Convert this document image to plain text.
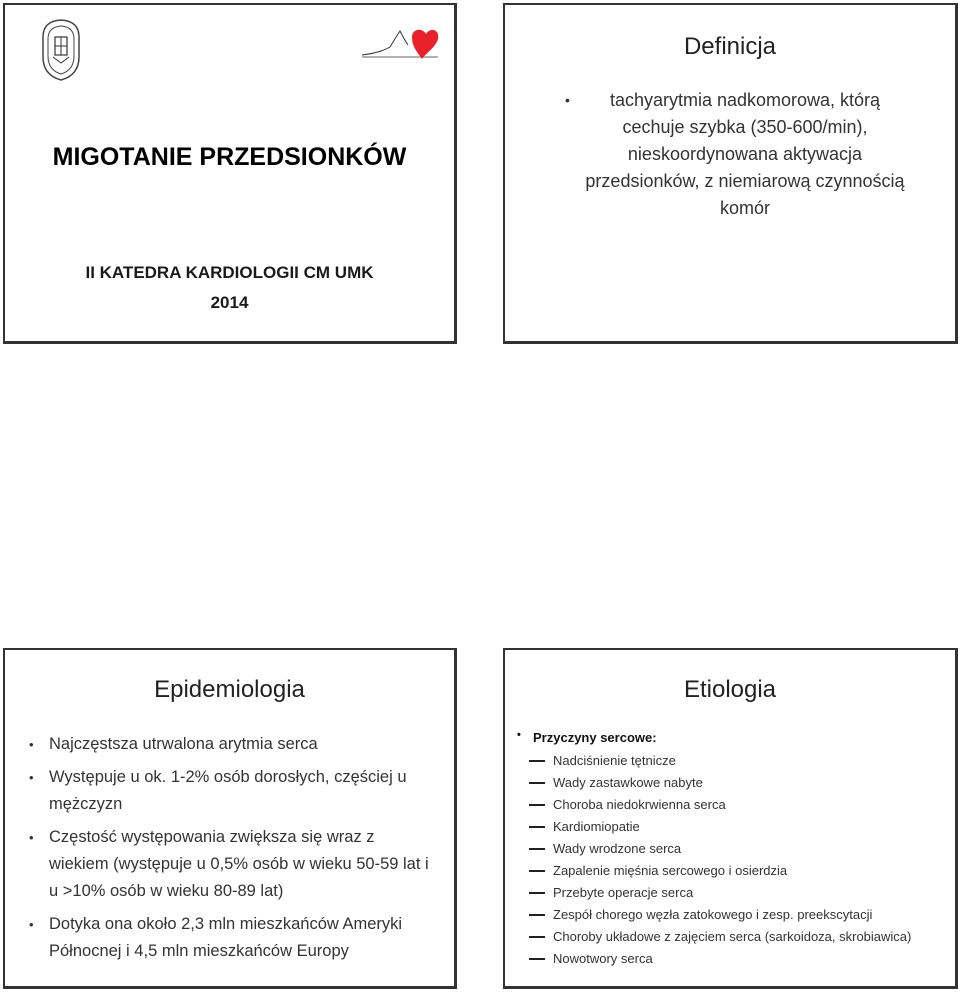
MIGOTANIE PRZEDSIONKÓW
II KATEDRA KARDIOLOGII CM UMK
2014
Definicja
• tachyarytmia nadkomorowa, którą
cechuje szybka (350-600/min),
nieskoordynowana aktywacja
przedsionków, z niemiarową czynnością
komór
Epidemiologia
• Najczęstsza utrwalona arytmia serca
• Występuje u ok. 1-2% osób dorosłych, częściej u mężczyzn
• Częstość występowania zwiększa się wraz z wiekiem (występuje u 0,5% osób w wieku 50-59 lat i u >10% osób w wieku 80-89 lat)
• Dotyka ona około 2,3 mln mieszkańców Ameryki Północnej i 4,5 mln mieszkańców Europy
Etiologia
• Przyczyny sercowe:
Nadciśnienie tętnicze
Wady zastawkowe nabyte
Choroba niedokrwienna serca
Kardiomiopatie
Wady wrodzone serca
Zapalenie mięśnia sercowego i osierdzia
Przebyte operacje serca
Zespół chorego węzła zatokowego i zesp. preekscytacji
Choroby układowe z zajęciem serca (sarkoidoza, skrobiawica)
Nowotwory serca
